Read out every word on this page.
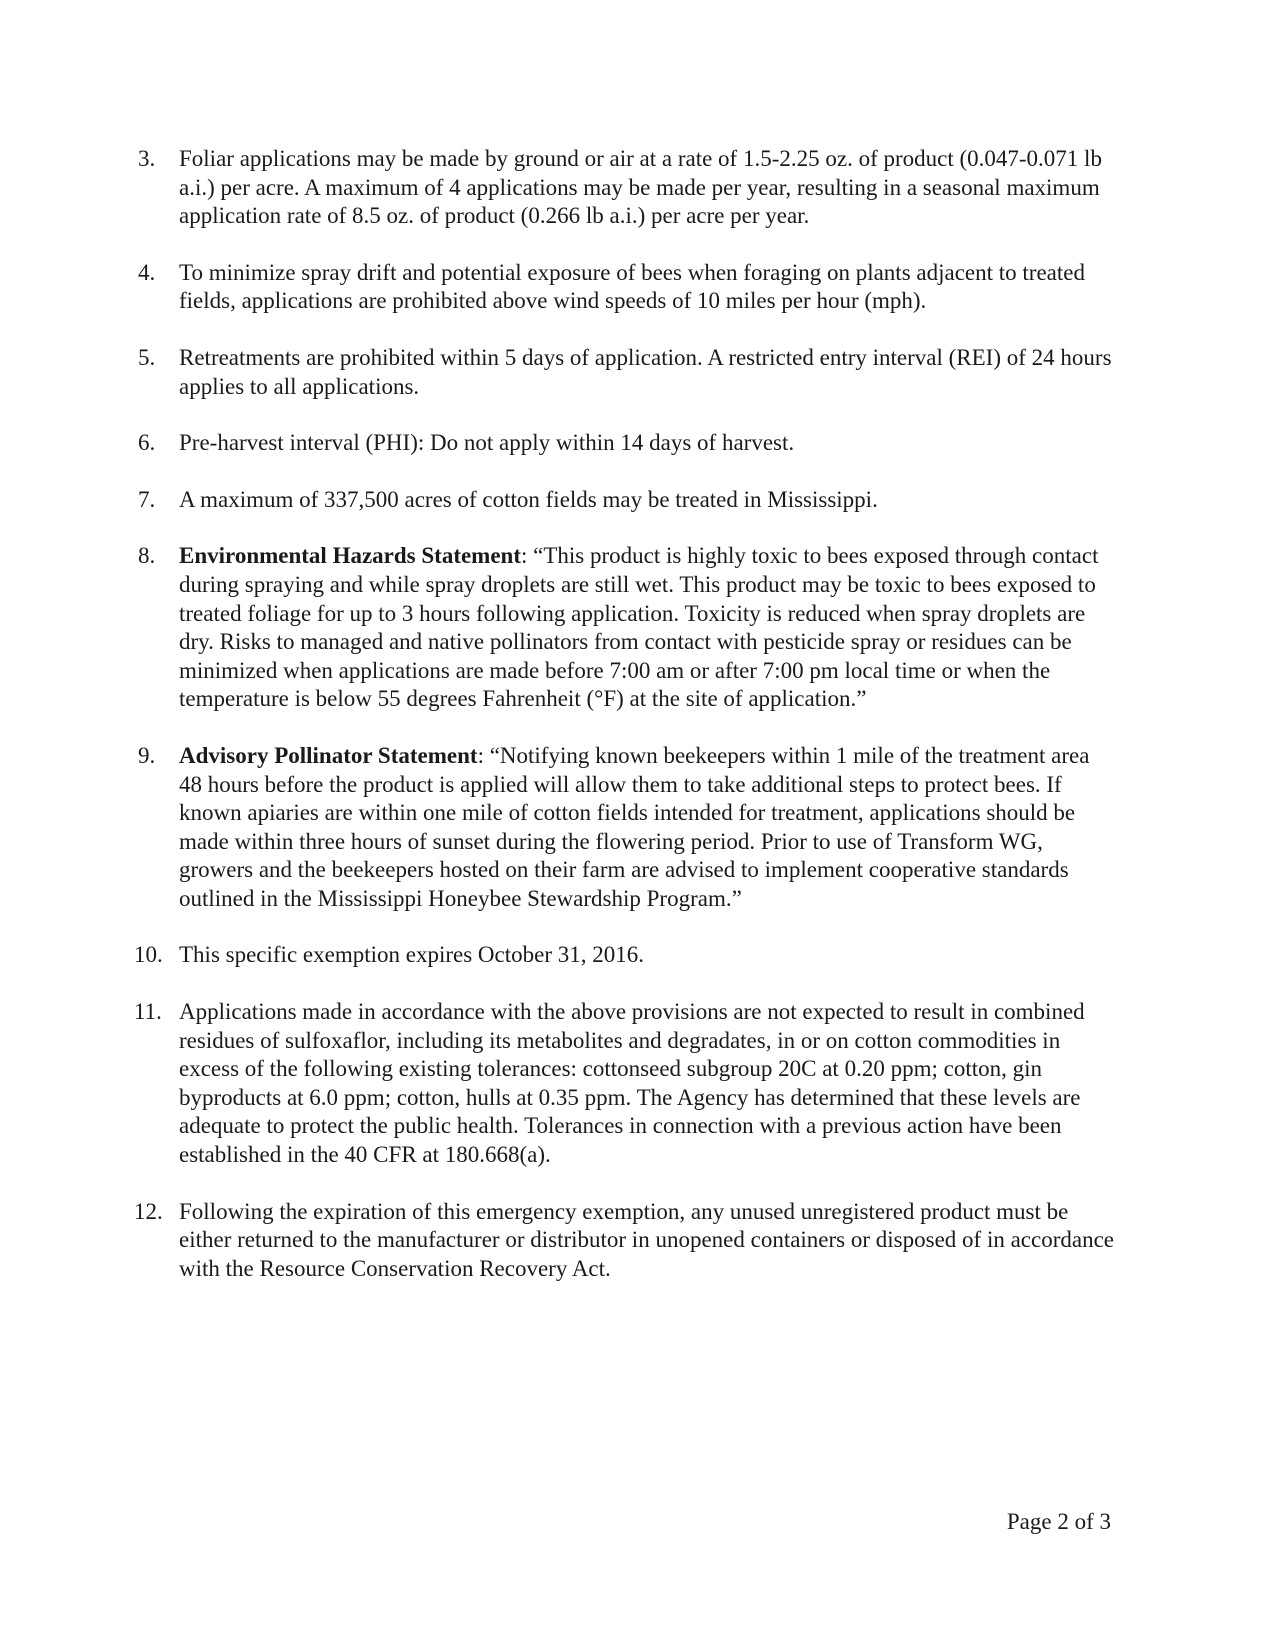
3. Foliar applications may be made by ground or air at a rate of 1.5-2.25 oz. of product (0.047-0.071 lb a.i.) per acre. A maximum of 4 applications may be made per year, resulting in a seasonal maximum application rate of 8.5 oz. of product (0.266 lb a.i.) per acre per year.
4. To minimize spray drift and potential exposure of bees when foraging on plants adjacent to treated fields, applications are prohibited above wind speeds of 10 miles per hour (mph).
5. Retreatments are prohibited within 5 days of application. A restricted entry interval (REI) of 24 hours applies to all applications.
6. Pre-harvest interval (PHI): Do not apply within 14 days of harvest.
7. A maximum of 337,500 acres of cotton fields may be treated in Mississippi.
8. Environmental Hazards Statement: “This product is highly toxic to bees exposed through contact during spraying and while spray droplets are still wet. This product may be toxic to bees exposed to treated foliage for up to 3 hours following application. Toxicity is reduced when spray droplets are dry. Risks to managed and native pollinators from contact with pesticide spray or residues can be minimized when applications are made before 7:00 am or after 7:00 pm local time or when the temperature is below 55 degrees Fahrenheit (°F) at the site of application.”
9. Advisory Pollinator Statement: “Notifying known beekeepers within 1 mile of the treatment area 48 hours before the product is applied will allow them to take additional steps to protect bees. If known apiaries are within one mile of cotton fields intended for treatment, applications should be made within three hours of sunset during the flowering period. Prior to use of Transform WG, growers and the beekeepers hosted on their farm are advised to implement cooperative standards outlined in the Mississippi Honeybee Stewardship Program.”
10. This specific exemption expires October 31, 2016.
11. Applications made in accordance with the above provisions are not expected to result in combined residues of sulfoxaflor, including its metabolites and degradates, in or on cotton commodities in excess of the following existing tolerances: cottonseed subgroup 20C at 0.20 ppm; cotton, gin byproducts at 6.0 ppm; cotton, hulls at 0.35 ppm. The Agency has determined that these levels are adequate to protect the public health. Tolerances in connection with a previous action have been established in the 40 CFR at 180.668(a).
12. Following the expiration of this emergency exemption, any unused unregistered product must be either returned to the manufacturer or distributor in unopened containers or disposed of in accordance with the Resource Conservation Recovery Act.
Page 2 of 3
